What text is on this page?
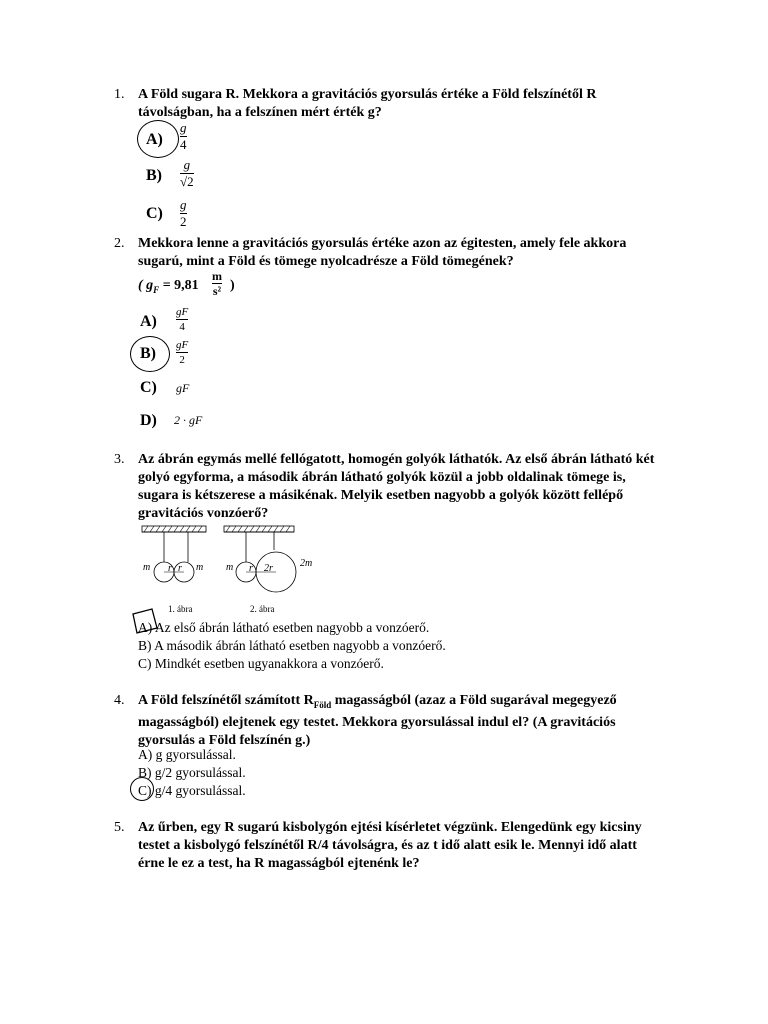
1. A Föld sugara R. Mekkora a gravitációs gyorsulás értéke a Föld felszínétől R távolságban, ha a felszínen mért érték g?
A)
g
4
B)
g
√2
C)
g
2
2. Mekkora lenne a gravitációs gyorsulás értéke azon az égitesten, amely fele akkora sugarú, mint a Föld és tömege nyolcadrésze a Föld tömegének?
( $g_F = 9,81$
m
s² )
A)
gF
4
B) gF
2
C) gF
D) 2 · gF
3. Az ábrán egymás mellé fellógatott, homogén golyók láthatók. Az első ábrán látható két golyó egyforma, a második ábrán látható golyók közül a jobb oldalinak tömege is, sugara is kétszerese a másikénak. Melyik esetben nagyobb a golyók között fellépő gravitációs vonzóerő?
m	m
r r
1. ábra
m	2m
r 2r
2. ábra
A) Az első ábrán látható esetben nagyobb a vonzóerő.
B) A második ábrán látható esetben nagyobb a vonzóerő.
C) Mindkét esetben ugyanakkora a vonzóerő.
4. A Föld felszínétől számított $R_{Föld}$ magasságból (azaz a Föld sugarával megegyező magasságból) elejtenek egy testet. Mekkora gyorsulással indul el? (A gravitációs gyorsulás a Föld felszínén g.)
A) g gyorsulással.
B) g/2 gyorsulással.
C) g/4 gyorsulással.
5. Az űrben, egy R sugarú kisbolygón ejtési kísérletet végzünk. Elengedünk egy kicsiny testet a kisbolygó felszínétől R/4 távolságra, és az t idő alatt esik le. Mennyi idő alatt érne le ez a test, ha R magasságból ejtenénk le?
